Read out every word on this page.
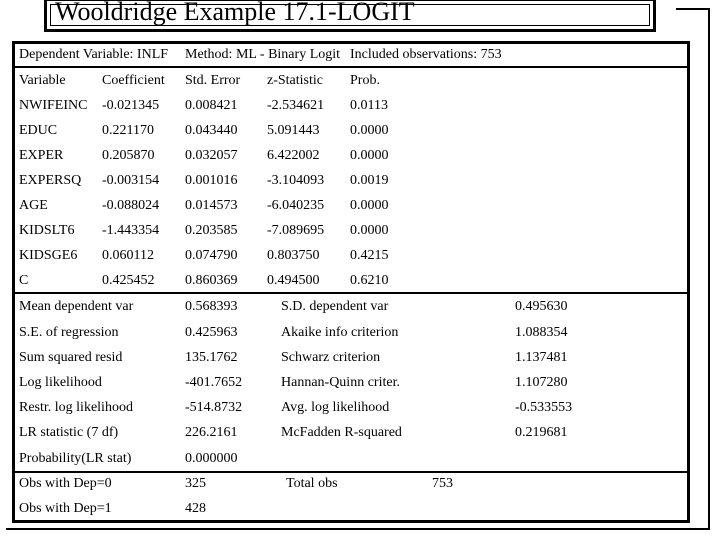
Wooldridge Example 17.1-LOGIT
Dependent Variable: INLF Method: ML - Binary Logit Included observations: 753
Variable	Coefficient Std. Error z-Statistic Prob.
NWIFEINC -0.021345 0.008421 -2.534621 0.0113
EDUC	0.221170 0.043440 5.091443 0.0000
EXPER	0.205870 0.032057 6.422002 0.0000
EXPERSQ -0.003154 0.001016 -3.104093 0.0019
AGE	-0.088024 0.014573 -6.040235 0.0000
KIDSLT6 -1.443354 0.203585 -7.089695 0.0000
KIDSGE6 0.060112 0.074790 0.803750 0.4215
C	0.425452 0.860369 0.494500 0.6210
Mean dependent var	0.568393	S.D. dependent var	0.495630
S.E. of regression	0.425963	Akaike info criterion	1.088354
Sum squared resid	135.1762	Schwarz criterion	1.137481
Log likelihood	-401.7652	Hannan-Quinn criter.	1.107280
Restr. log likelihood	-514.8732	Avg. log likelihood	-0.533553
LR statistic (7 df)	226.2161	McFadden R-squared	0.219681
Probability(LR stat)	0.000000
Obs with Dep=0	325	Total obs	753
Obs with Dep=1	428
